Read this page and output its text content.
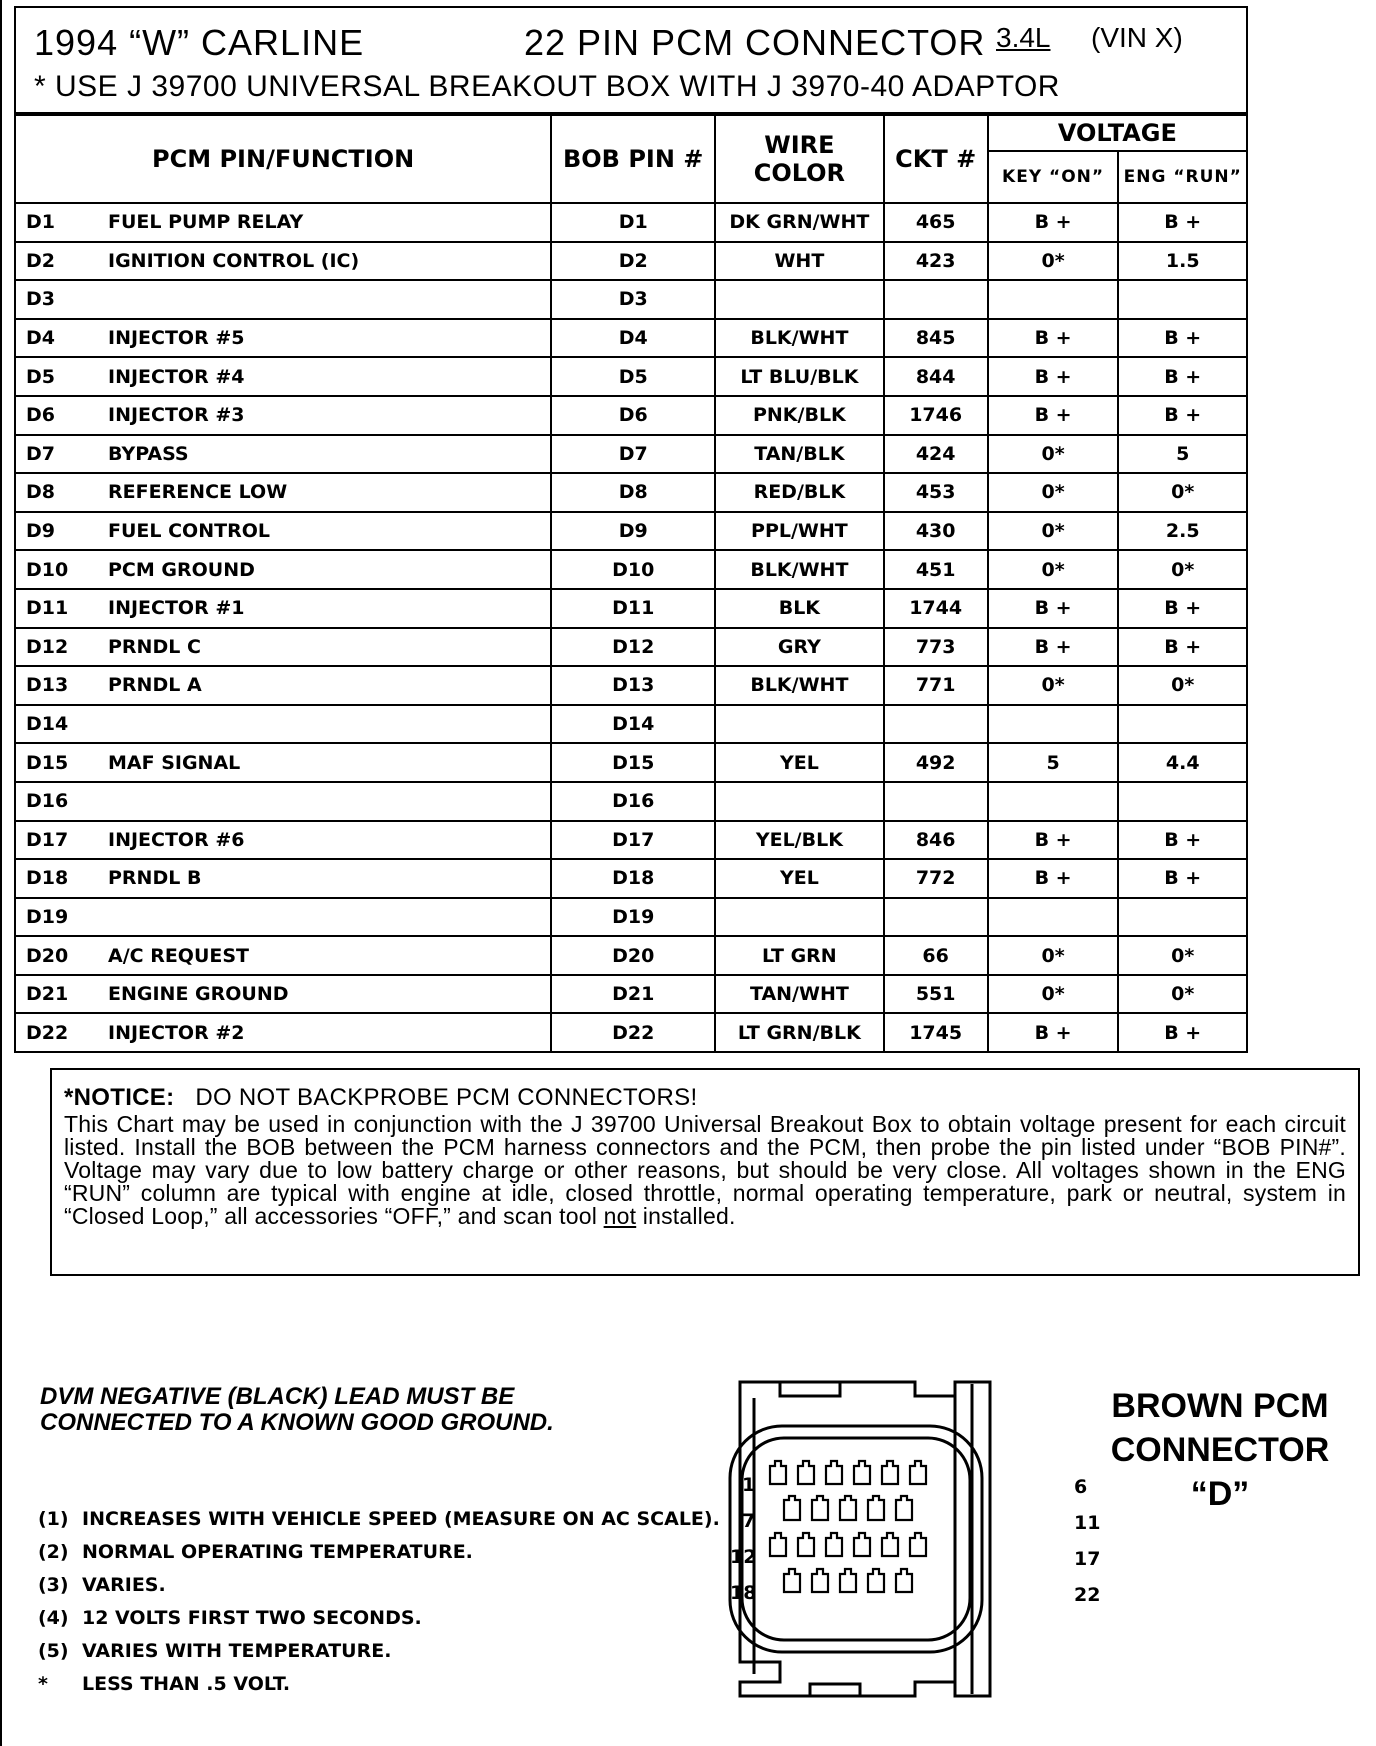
1994 “W” CARLINE	22 PIN PCM CONNECTOR 3.4L (VIN X)
* USE J 39700 UNIVERSAL BREAKOUT BOX WITH J 3970-40 ADAPTOR
PCM PIN/FUNCTION	BOB PIN #	WIRE COLOR	CKT #	VOLTAGE	
				KEY “ON”	ENG “RUN”

D1 FUEL PUMP RELAY	D1	DK GRN/WHT	465	B +	B +

D2 IGNITION CONTROL (IC)	D2	WHT	423	0*	1.5

D3	D3				

D4 INJECTOR #5	D4	BLK/WHT	845	B +	B +

D5 INJECTOR #4	D5	LT BLU/BLK	844	B +	B +

D6 INJECTOR #3	D6	PNK/BLK	1746	B +	B +

D7 BYPASS	D7	TAN/BLK	424	0*	5

D8 REFERENCE LOW	D8	RED/BLK	453	0*	0*

D9 FUEL CONTROL	D9	PPL/WHT	430	0*	2.5

D10 PCM GROUND	D10	BLK/WHT	451	0*	0*

D11 INJECTOR #1	D11	BLK	1744	B +	B +

D12 PRNDL C	D12	GRY	773	B +	B +

D13 PRNDL A	D13	BLK/WHT	771	0*	0*

D14	D14				

D15 MAF SIGNAL	D15	YEL	492	5	4.4

D16	D16				

D17 INJECTOR #6	D17	YEL/BLK	846	B +	B +

D18 PRNDL B	D18	YEL	772	B +	B +

D19	D19				

D20 A/C REQUEST	D20	LT GRN	66	0*	0*

D21 ENGINE GROUND	D21	TAN/WHT	551	0*	0*

D22 INJECTOR #2	D22	LT GRN/BLK	1745	B +	B +
*NOTICE: DO NOT BACKPROBE PCM CONNECTORS!
This Chart may be used in conjunction with the J 39700 Universal Breakout Box to obtain voltage present for each circuit listed. Install the BOB between the PCM harness connectors and the PCM, then probe the pin listed under “BOB PIN#”. Voltage may vary due to low battery charge or other reasons, but should be very close. All voltages shown in the ENG “RUN” column are typical with engine at idle, closed throttle, normal operating temperature, park or neutral, system in “Closed Loop,” all accessories “OFF,” and scan tool not installed.
DVM NEGATIVE (BLACK) LEAD MUST BE
CONNECTED TO A KNOWN GOOD GROUND.
(1) INCREASES WITH VEHICLE SPEED (MEASURE ON AC SCALE).
(2) NORMAL OPERATING TEMPERATURE.
(3) VARIES.
(4) 12 VOLTS FIRST TWO SECONDS.
(5) VARIES WITH TEMPERATURE.
*	LESS THAN .5 VOLT.
1
7
12
18
6
11
17
22
BROWN PCM
CONNECTOR
“D”
